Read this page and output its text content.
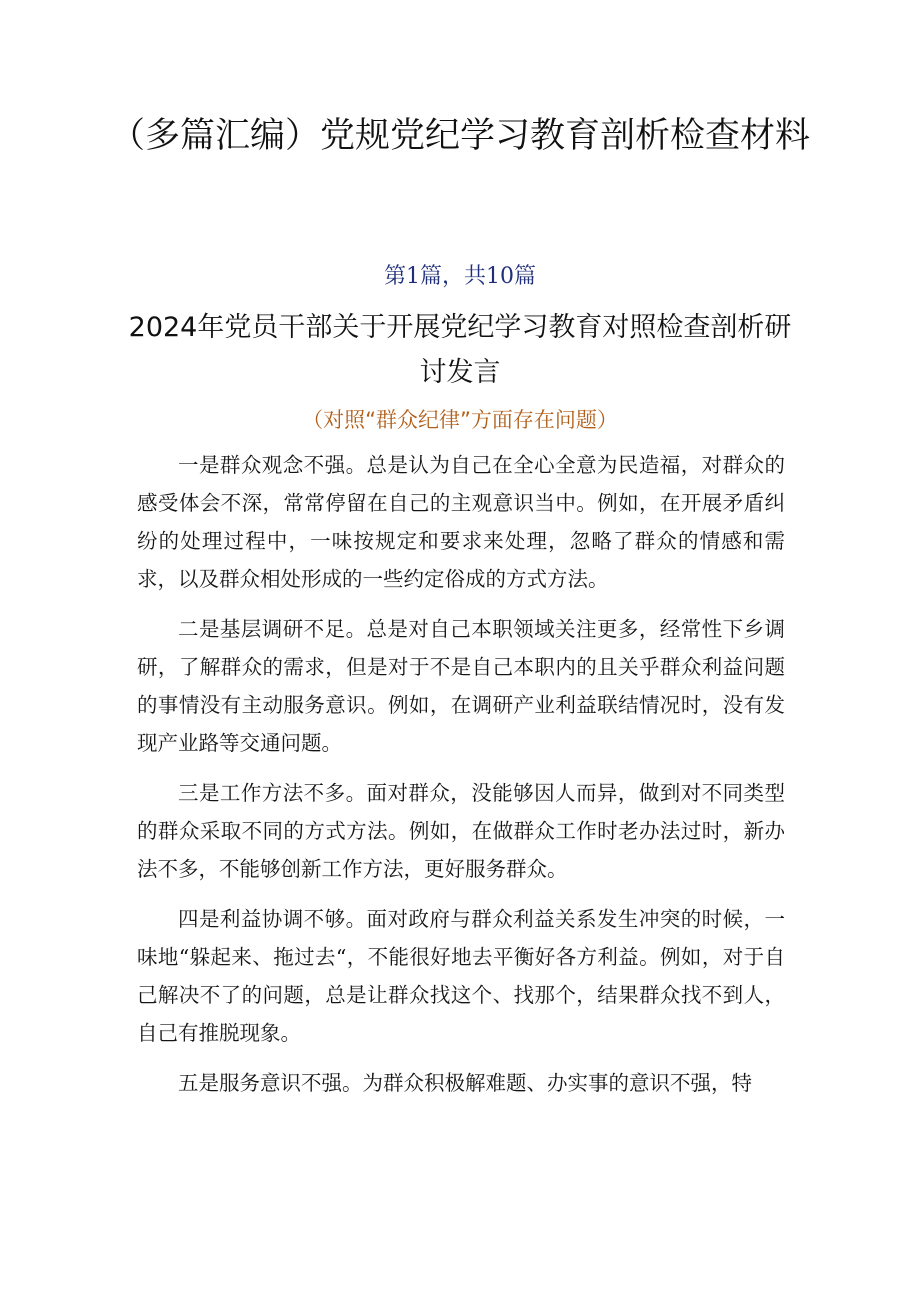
（多篇汇编）党规党纪学习教育剖析检查材料
第1篇，共10篇
2024年党员干部关于开展党纪学习教育对照检查剖析研讨发言
（对照“群众纪律”方面存在问题）

一是群众观念不强。总是认为自己在全心全意为民造福，对群众的感受体会不深，常常停留在自己的主观意识当中。例如，在开展矛盾纠纷的处理过程中，一味按规定和要求来处理，忽略了群众的情感和需求，以及群众相处形成的一些约定俗成的方式方法。

二是基层调研不足。总是对自己本职领域关注更多，经常性下乡调研，了解群众的需求，但是对于不是自己本职内的且关乎群众利益问题的事情没有主动服务意识。例如，在调研产业利益联结情况时，没有发现产业路等交通问题。

三是工作方法不多。面对群众，没能够因人而异，做到对不同类型的群众采取不同的方式方法。例如，在做群众工作时老办法过时，新办法不多，不能够创新工作方法，更好服务群众。

四是利益协调不够。面对政府与群众利益关系发生冲突的时候，一味地“躲起来、拖过去“，不能很好地去平衡好各方利益。例如，对于自己解决不了的问题，总是让群众找这个、找那个，结果群众找不到人，自己有推脱现象。

五是服务意识不强。为群众积极解难题、办实事的意识不强，特
